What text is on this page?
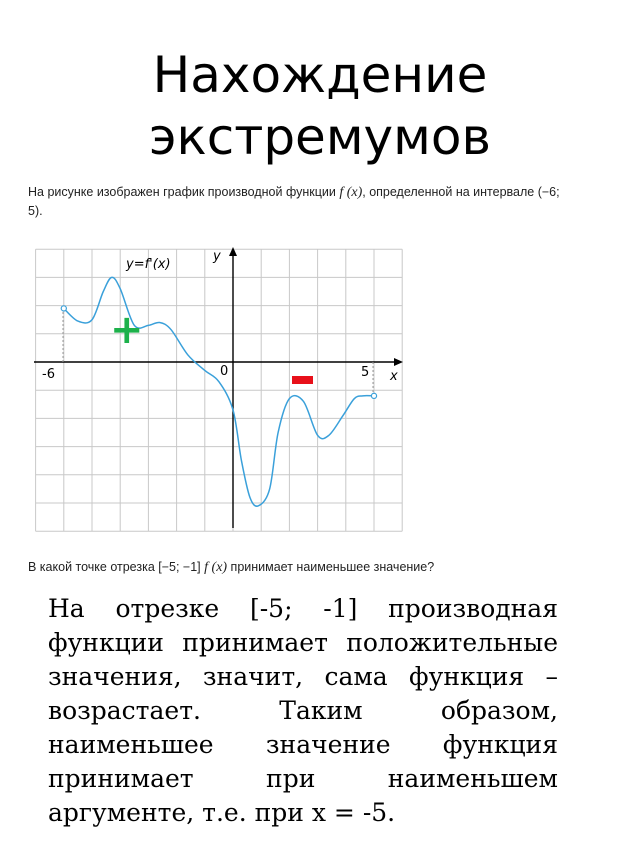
Нахождение экстремумов
На рисунке изображен график производной функции f (x), определенной на интервале (−6; 5).
y=f'(x)
y
x
0
-6	5
+
В какой точке отрезка [−5; −1] f (x) принимает наименьшее значение?
На отрезке [-5; -1] производная функции принимает положительные значения, значит, сама функция – возрастает. Таким образом, наименьшее значение функция принимает при наименьшем аргументе, т.е. при х = -5.
